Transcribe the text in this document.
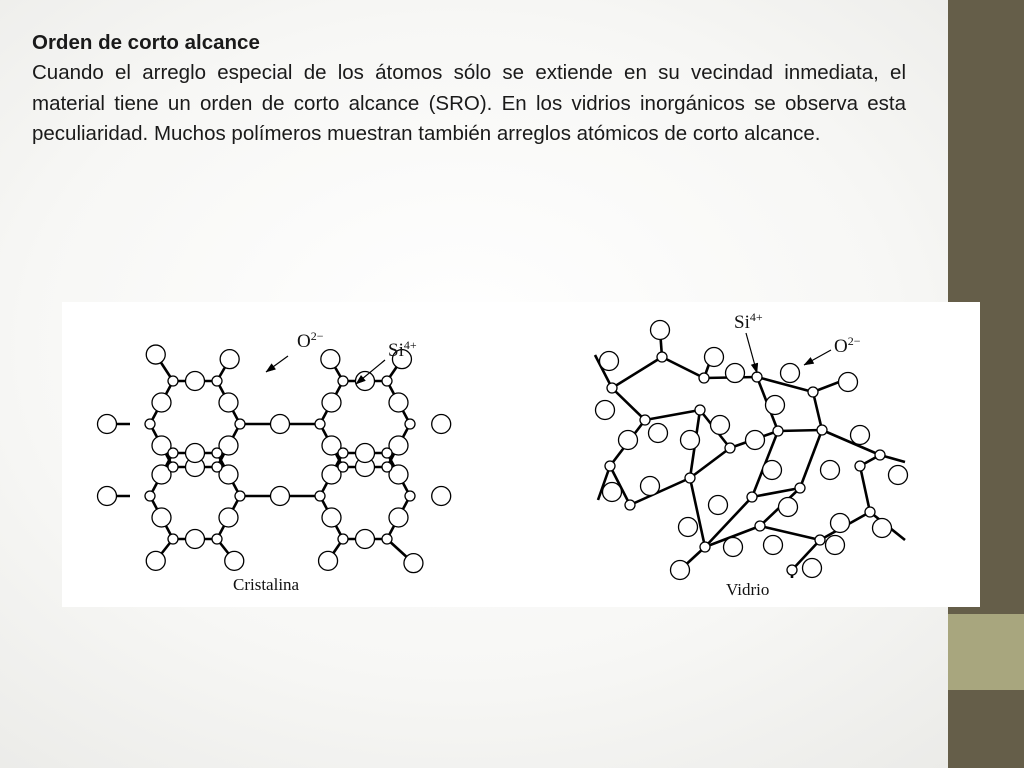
Orden de corto alcance
Cuando el arreglo especial de los átomos sólo se extiende en su vecindad inmediata, el material tiene un orden de corto alcance (SRO). En los vidrios inorgánicos se observa esta peculiaridad. Muchos polímeros muestran también arreglos atómicos de corto alcance.
$O^{2-}$
$Si^{4+}$
Cristalina
$Si^{4+}$
$O^{2-}$
Vidrio
